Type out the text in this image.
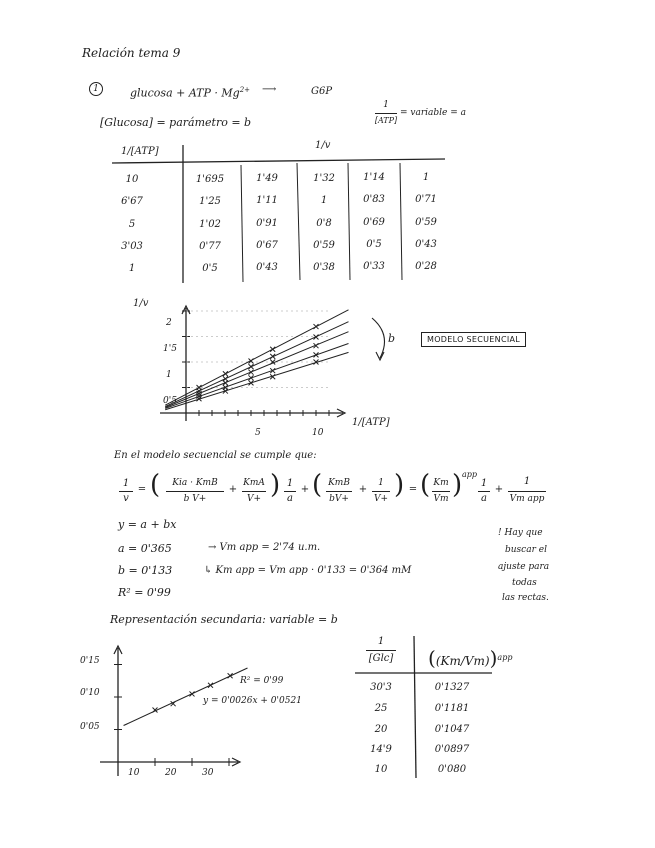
Relación tema 9
1	glucosa + ATP · $Mg^{2+}$ ⟶	G6P
[Glucosa] = parámetro = b
1
[ATP]
= variable = a
1/[ATP]
1/v
10	1'695	1'49	1'32	1'14	1
6'67	1'25	1'11	1	0'83	0'71
5	1'02	0'91	0'8	0'69	0'59
3'03	0'77	0'67	0'59	0'5	0'43
1	0'5	0'43	0'38	0'33	0'28
1/v
2
1'5
1
0'5
5	10
1/[ATP]
b	MODELO SECUENCIAL
En el modelo secuencial se cumple que:
1
v
= (	Kia · KmB
b V+
+
KmA
V+ ) 1
a
+ ( KmB
bV+
+
1
V+ ) = ( Km
Vm ) app
1
a
+
1
Vm app
y = a + bx
a = 0'365	→ Vm app = 2'74 u.m.
b = 0'133	↳ Km app = Vm app · 0'133 = 0'364 mM
R² = 0'99
! Hay que
buscar el
ajuste para
todas
las rectas.
Representación secundaria: variable = b
0'15
0'10
0'05
10	20	30
R² = 0'99
y = 0'0026x + 0'0521
1
[Glc]	$((Km/Vm))^{app}$
30'3	0'1327
25	0'1181
20	0'1047
14'9	0'0897
10	0'080
